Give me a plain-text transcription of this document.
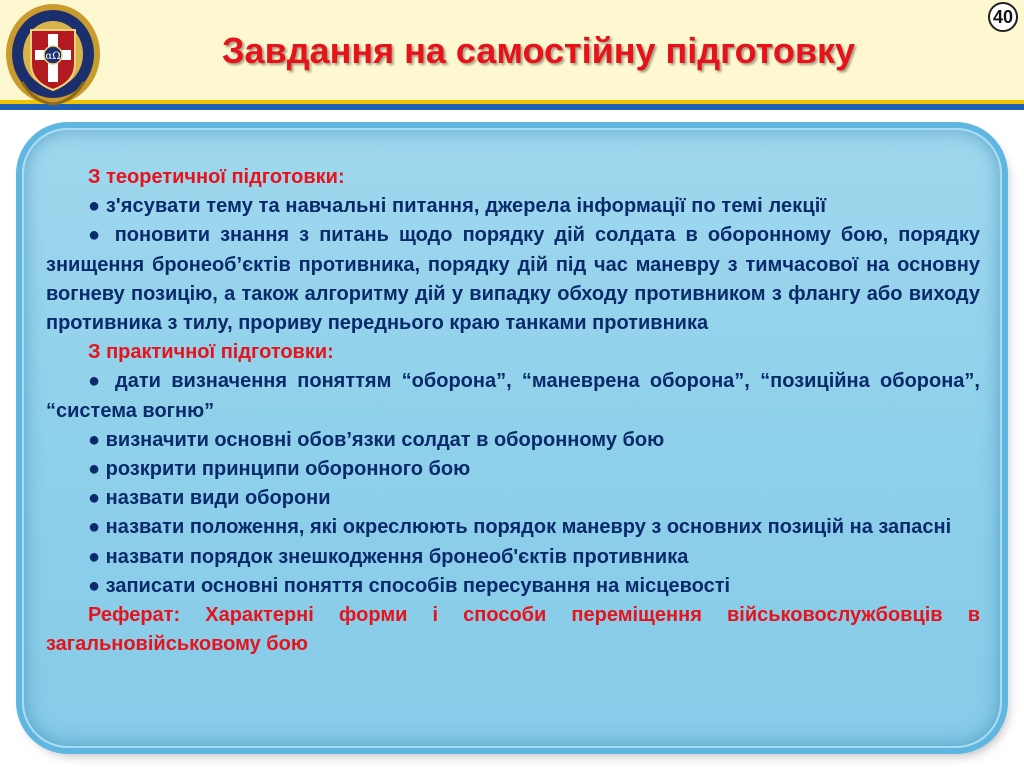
αΩ	Завдання на самостійну підготовку
40

З теоретичної підготовки:

● з'ясувати тему та навчальні питання, джерела інформації по темі лекції

● поновити знання з питань щодо порядку дій солдата в оборонному бою, порядку знищення бронеоб’єктів противника, порядку дій під час маневру з тимчасової на основну вогневу позицію, а також алгоритму дій у випадку обходу противником з флангу або виходу противника з тилу, прориву переднього краю танками противника

З практичної підготовки:

● дати визначення поняттям “оборона”, “маневрена оборона”, “позиційна оборона”, “система вогню”

● визначити основні обов’язки солдат в оборонному бою

● розкрити принципи оборонного бою

● назвати види оборони

● назвати положення, які окреслюють порядок маневру з основних позицій на запасні

● назвати порядок знешкодження бронеоб'єктів противника

● записати основні поняття способів пересування на місцевості

Реферат: Характерні форми і способи переміщення військовослужбовців в загальновійськовому бою
